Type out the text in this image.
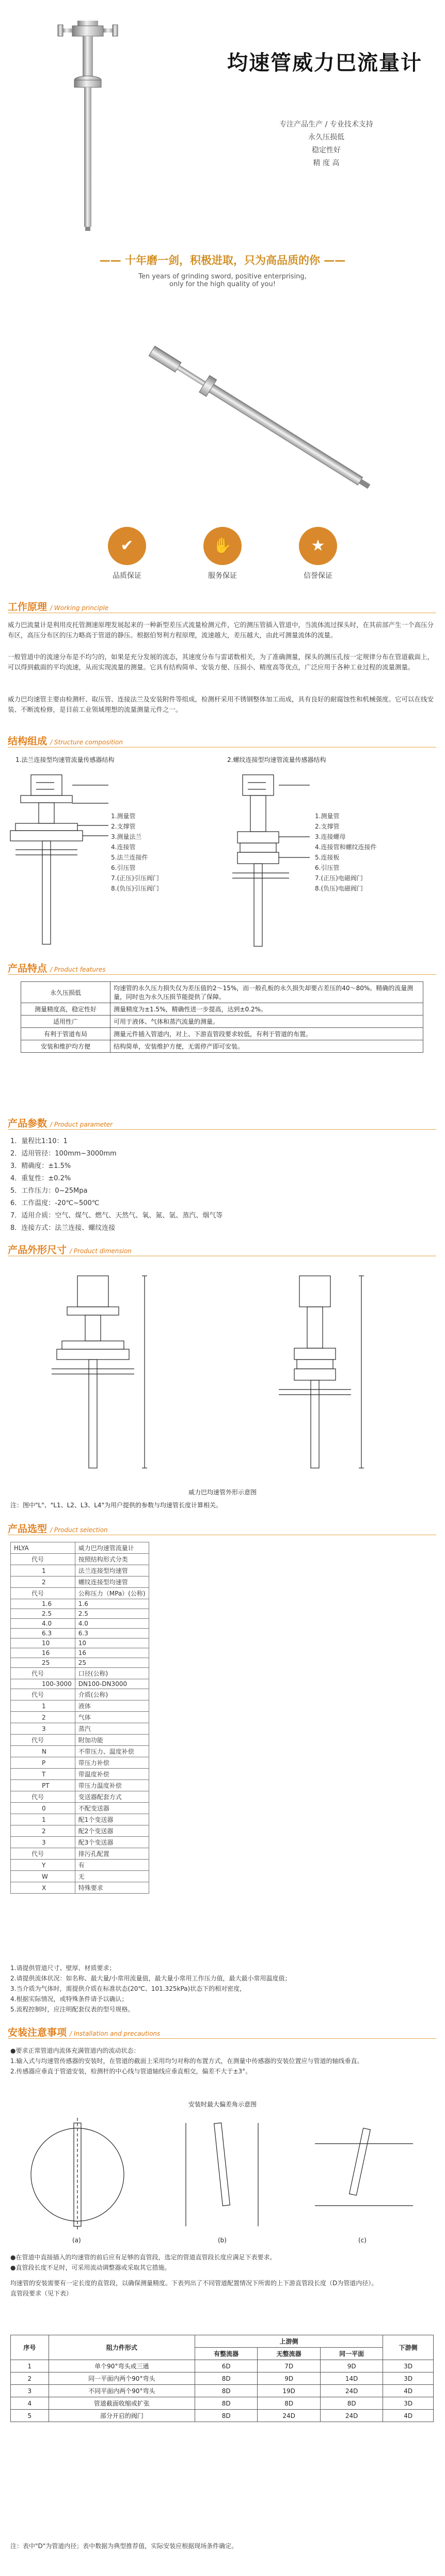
均速管威力巴流量计
专注产品生产 / 专业技术支持
永久压损低
稳定性好
精 度 高
—— 十年磨一剑，积极进取，只为高品质的你 ——
Ten years of grinding sword, positive enterprising,
only for the high quality of you!
✔
品质保证
✋
服务保证
★
信誉保证
工作原理 / Working principle
威力巴流量计是利用皮托管测速原理发展起来的一种新型差压式流量检测元件，它的测压管插入管道中，当流体流过探头时，在其前部产生一个高压分布区，高压分布区的压力略高于管道的静压。根据伯努利方程原理，流速越大，差压越大，由此可测量流体的流量。
一般管道中的流速分布是不均匀的，如果是充分发展的流态，其速度分布与雷诺数相关，为了准确测量，探头的测压孔按一定规律分布在管道截面上，可以得到截面的平均流速，从而实现流量的测量。它具有结构简单、安装方便、压损小、精度高等优点，广泛应用于各种工业过程的流量测量。
威力巴均速管主要由检测杆、取压管、连接法兰及安装附件等组成，检测杆采用不锈钢整体加工而成，具有良好的耐腐蚀性和机械强度。它可以在线安装、不断流检修，是目前工业领域理想的流量测量元件之一。
结构组成 / Structure composition
1.法兰连接型均速管流量传感器结构	2.螺纹连接型均速管流量传感器结构
1.测量管
2.支撑管
3.测量法兰
4.连接管
5.法兰连接件
6.引压管
7.(正压)引压阀门
8.(负压)引压阀门
1.测量管
2.支撑管
3.连接螺母
4.连接管和螺纹连接件
5.连接板
6.引压管
7.(正压)电磁阀门
8.(负压)电磁阀门
产品特点 / Product features
永久压损低	均速管的永久压力损失仅为差压值的2～15%，而一般孔板的永久损失却要占差压的40～80%。精确的流量测量，同时也为永久压损节能提供了保障。
测量精度高，稳定性好	测量精度为±1.5%，精确性进一步提高，达到±0.2%。
适用性广	可用于液体、气体和蒸汽流量的测量。
有利于管道布局	测量元件插入管道内，对上、下游直管段要求较低，有利于管道的布置。
安装和维护均方便	结构简单，安装维护方便，无需停产即可安装。
产品参数 / Product parameter
1．量程比1:10：1
2．适用管径：100mm~3000mm
3．精确度：±1.5%
4．重复性：±0.2%
5．工作压力：0~25Mpa
6．工作温度：-20℃~500℃
7．适用介质：空气、煤气、燃气、天然气、氧、氮、氩、蒸汽、烟气等
8．连接方式：法兰连接、螺纹连接
产品外形尺寸 / Product dimension
威力巴均速管外形示意图
注：图中"L"、"L1、L2、L3、L4"为用户提供的参数与均速管长度计算相关。
产品选型 / Product selection
HLYA	威力巴均速管流量计
代号	按照结构形式分类
1	法兰连接型均速管
2	螺纹连接型均速管
代号	公称压力（MPa）(公称)
1.6	1.6
2.5	2.5
4.0	4.0
6.3	6.3
10	10
16	16
25	25
代号	口径(公称)
100-3000	DN100-DN3000
代号	介质(公称)
1	液体
2	气体
3	蒸汽
代号	附加功能
N	不带压力、温度补偿
P	带压力补偿
T	带温度补偿
PT	带压力温度补偿
代号	变送器配套方式
0	不配变送器
1	配1个变送器
2	配2个变送器
3	配3个变送器
代号	排污孔配置
Y	有
W	无
X	特殊要求
1.请提供管道尺寸、壁厚、材质要求；
2.请提供流体状况：如名称、最大量/小常用流量值，最大量小常用工作压力值，最大最小常用温度值；
3.当介质为气体时，需提供介质在标准状态(20℃、101.325kPa)状态下的相对密度，
4.根据实际情况，或特殊条件请予以确认；
5.流程控制时，应注明配套仪表的型号规格。
安装注意事项 / Installation and precautions
●要求正常管道内流体充满管道内的流动状态：
1.输入式与均速管传感器的安装时，在管道的截面上采用均匀对称的布置方式，在测量中传感器的安装位置应与管道的轴线垂直。
2.传感器应垂直于管道安装，检测杆的中心线与管道轴线应垂直相交，偏差不大于±3°。
安装时最大偏差角示意图
(a)	(b)	(c)
●在管道中直接插入的均速管的前后应有足够的直管段，选定的管道直管段长度应满足下表要求。
●直管段长度不足时，可采用流动调整器或采取其它措施。
均速管的安装需要有一定长度的直管段，以确保测量精度。下表列出了不同管道配置情况下所需的上下游直管段长度（D为管道内径）。
直管段要求（见下表）
序号	阻力件形式	上游侧			下游侧
		有整流器	无整流器	同一平面	
1	单个90°弯头或三通	6D	7D	9D	3D
2	同一平面内两个90°弯头	8D	9D	14D	3D
3	不同平面内两个90°弯头	8D	19D	24D	4D
4	管道截面收缩或扩张	8D	8D	8D	3D
5	部分开启的阀门	8D	24D	24D	4D
注：表中"D"为管道内径；表中数据为典型推荐值，实际安装应根据现场条件确定。
